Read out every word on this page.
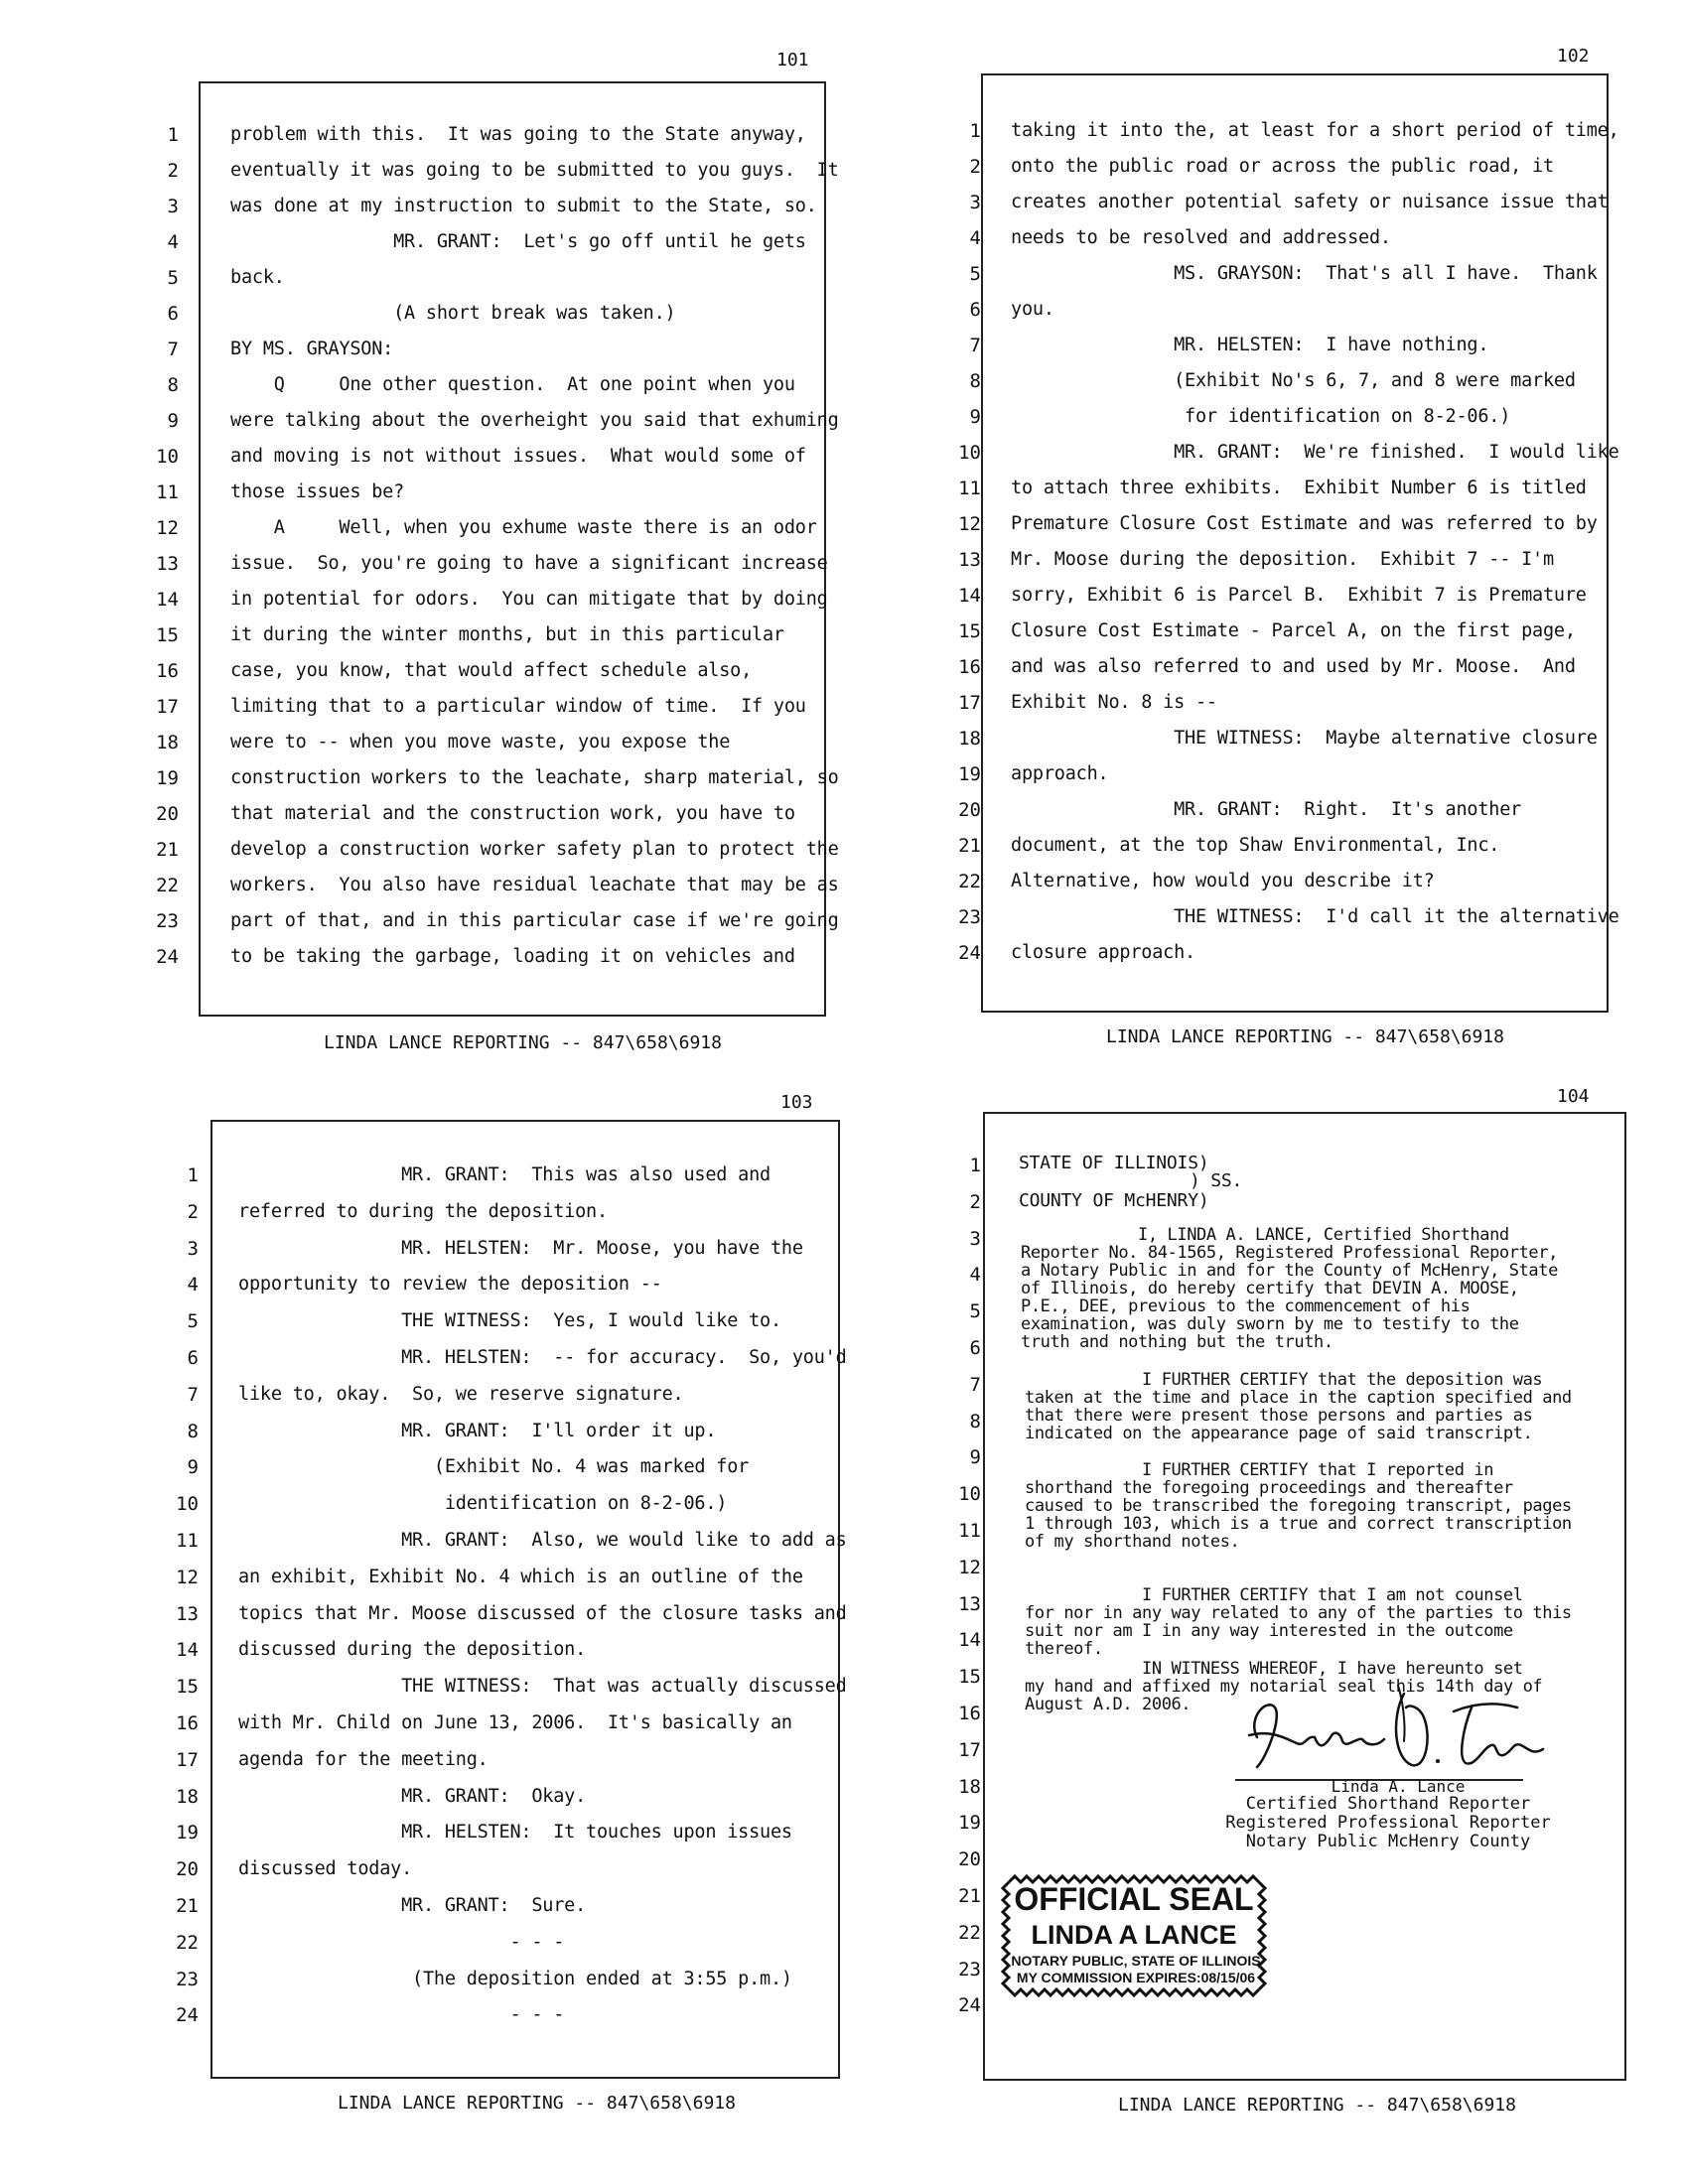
101
1	problem with this.  It was going to the State anyway,
2	eventually it was going to be submitted to you guys.  It
3	was done at my instruction to submit to the State, so.
4	MR. GRANT:  Let's go off until he gets
5	back.
6	(A short break was taken.)
7	BY MS. GRAYSON:
8	Q     One other question.  At one point when you
9	were talking about the overheight you said that exhuming
10	and moving is not without issues.  What would some of
11	those issues be?
12	A     Well, when you exhume waste there is an odor
13	issue.  So, you're going to have a significant increase
14	in potential for odors.  You can mitigate that by doing
15	it during the winter months, but in this particular
16	case, you know, that would affect schedule also,
17	limiting that to a particular window of time.  If you
18	were to -- when you move waste, you expose the
19	construction workers to the leachate, sharp material, so
20	that material and the construction work, you have to
21	develop a construction worker safety plan to protect the
22	workers.  You also have residual leachate that may be as
23	part of that, and in this particular case if we're going
24	to be taking the garbage, loading it on vehicles and
LINDA LANCE REPORTING -- 847\658\6918
102
1 taking it into the, at least for a short period of time,
2 onto the public road or across the public road, it
3 creates another potential safety or nuisance issue that
4 needs to be resolved and addressed.
5 MS. GRAYSON:  That's all I have.  Thank
6 you.
7 MR. HELSTEN:  I have nothing.
8 (Exhibit No's 6, 7, and 8 were marked
9 for identification on 8-2-06.)
10 MR. GRANT:  We're finished.  I would like
11 to attach three exhibits.  Exhibit Number 6 is titled
12 Premature Closure Cost Estimate and was referred to by
13 Mr. Moose during the deposition.  Exhibit 7 -- I'm
14 sorry, Exhibit 6 is Parcel B.  Exhibit 7 is Premature
15 Closure Cost Estimate - Parcel A, on the first page,
16 and was also referred to and used by Mr. Moose.  And
17 Exhibit No. 8 is --
18 THE WITNESS:  Maybe alternative closure
19 approach.
20 MR. GRANT:  Right.  It's another
21 document, at the top Shaw Environmental, Inc.
22 Alternative, how would you describe it?
23 THE WITNESS:  I'd call it the alternative
24 closure approach.
LINDA LANCE REPORTING -- 847\658\6918
103
1 MR. GRANT:  This was also used and
2 referred to during the deposition.
3 MR. HELSTEN:  Mr. Moose, you have the
4 opportunity to review the deposition --
5 THE WITNESS:  Yes, I would like to.
6 MR. HELSTEN:  -- for accuracy.  So, you'd
7 like to, okay.  So, we reserve signature.
8 MR. GRANT:  I'll order it up.
9 (Exhibit No. 4 was marked for
10 identification on 8-2-06.)
11 MR. GRANT:  Also, we would like to add as
12 an exhibit, Exhibit No. 4 which is an outline of the
13 topics that Mr. Moose discussed of the closure tasks and
14 discussed during the deposition.
15 THE WITNESS:  That was actually discussed
16 with Mr. Child on June 13, 2006.  It's basically an
17 agenda for the meeting.
18 MR. GRANT:  Okay.
19 MR. HELSTEN:  It touches upon issues
20 discussed today.
21 MR. GRANT:  Sure.
22 - - -
23 (The deposition ended at 3:55 p.m.)
24 - - -
LINDA LANCE REPORTING -- 847\658\6918
104
1
2
3
4
5
6
7
8
9
10
11
12
13
14
15
16
17
18
19
20
21
22
23
24
STATE OF ILLINOIS)
) SS.
COUNTY OF McHENRY)
I, LINDA A. LANCE, Certified Shorthand
Reporter No. 84-1565, Registered Professional Reporter,
a Notary Public in and for the County of McHenry, State
of Illinois, do hereby certify that DEVIN A. MOOSE,
P.E., DEE, previous to the commencement of his
examination, was duly sworn by me to testify to the
truth and nothing but the truth.
I FURTHER CERTIFY that the deposition was
taken at the time and place in the caption specified and
that there were present those persons and parties as
indicated on the appearance page of said transcript.
I FURTHER CERTIFY that I reported in
shorthand the foregoing proceedings and thereafter
caused to be transcribed the foregoing transcript, pages
1 through 103, which is a true and correct transcription
of my shorthand notes.
I FURTHER CERTIFY that I am not counsel
for nor in any way related to any of the parties to this
suit nor am I in any way interested in the outcome
thereof.
IN WITNESS WHEREOF, I have hereunto set
my hand and affixed my notarial seal this 14th day of
August A.D. 2006.
Linda A. Lance
Certified Shorthand Reporter
Registered Professional Reporter
Notary Public McHenry County
OFFICIAL SEAL
LINDA A LANCE
NOTARY PUBLIC, STATE OF ILLINOIS
MY COMMISSION EXPIRES:08/15/06
LINDA LANCE REPORTING -- 847\658\6918
